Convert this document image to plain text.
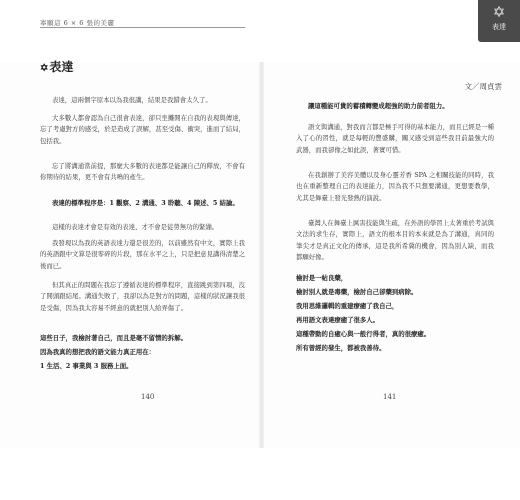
寧願這 6 × 6 張的美麗
✡表達
文／周貞雲

表達，這兩個字原本以為我很講，結果是我錯會太久了。

大多數人都會認為自己很會表達，卻只坐攤開在自我的表現與傳達，忘了考慮對方的感受，於是造成了誤解，甚至受傷、衝突，進而了結局，包括我。

忘了將溝通當前提，那麼大多數的表達都是能讓自己的釋放，不會有你期待的結果，更不會有共鳴的產生。

表達的標準程序是：1 觀察、2 溝通、3 聆聽、4 陳述、5 結論。

這樣的表達才會是有效的表達，才不會是徒勞無功的緊繃。

我發現以為我的英語表達力還是很差的，以前雖然有中文，實際上我的英語跟中文算是很零碎的片段，那在水平之上，只是把意見講得清楚之後而已。

但其真正的問題在我忘了遵循表達的標準程序，直接跳到第四項，沒了開頭跟結尾。溝通失敗了，我卻以為是對方的問題，這樣的狀況讓我很是受傷，因為我太容易不經意的就把別人給弄傷了。

這些日子，我檢討著自己，而且是毫不留情的拆解。
因為我真的想把我的語文能力真正用在：
1 生活、2 事業與 3 服務上面。
140
✡
表達

讓這種能可貴的蓄積轉變成超強的助力前者阻力。

語文與溝通，對我而言都是極手可得的基本能力，而且已經是一種入了心的習性，就是每輕的豐盛購，關又感受到這些我目前最強大的武器，而我卻像之如此誤，著實可惜。

在我創辦了美容美體以及身心靈芳香 SPA 之相關技能的同時，我也在重新整理自己的表達能力，因為我不只想要溝通，更想要教學，尤其是舞臺上發光發熱的演說。

臺灣人在舞臺上厲害技能與生疏，在外語的學習上太著重於考試與文法的求生存，實際上，語文的根本目的本來就是為了溝通，真同的筆尖才是真正文化的傳承，這是我所希冀的機會，因為別人缺，而我都願好像。

檢討是一帖良藥，
檢討別人就是毒藥，檢討自己卻藥到病除。
我用思維邏輯的重建療癒了我自己，
再用語文表達療癒了很多人。
這種帶動的自癒心與一般行得者，真的很療癒。
所有曾經的發生，都被我善待。
141
